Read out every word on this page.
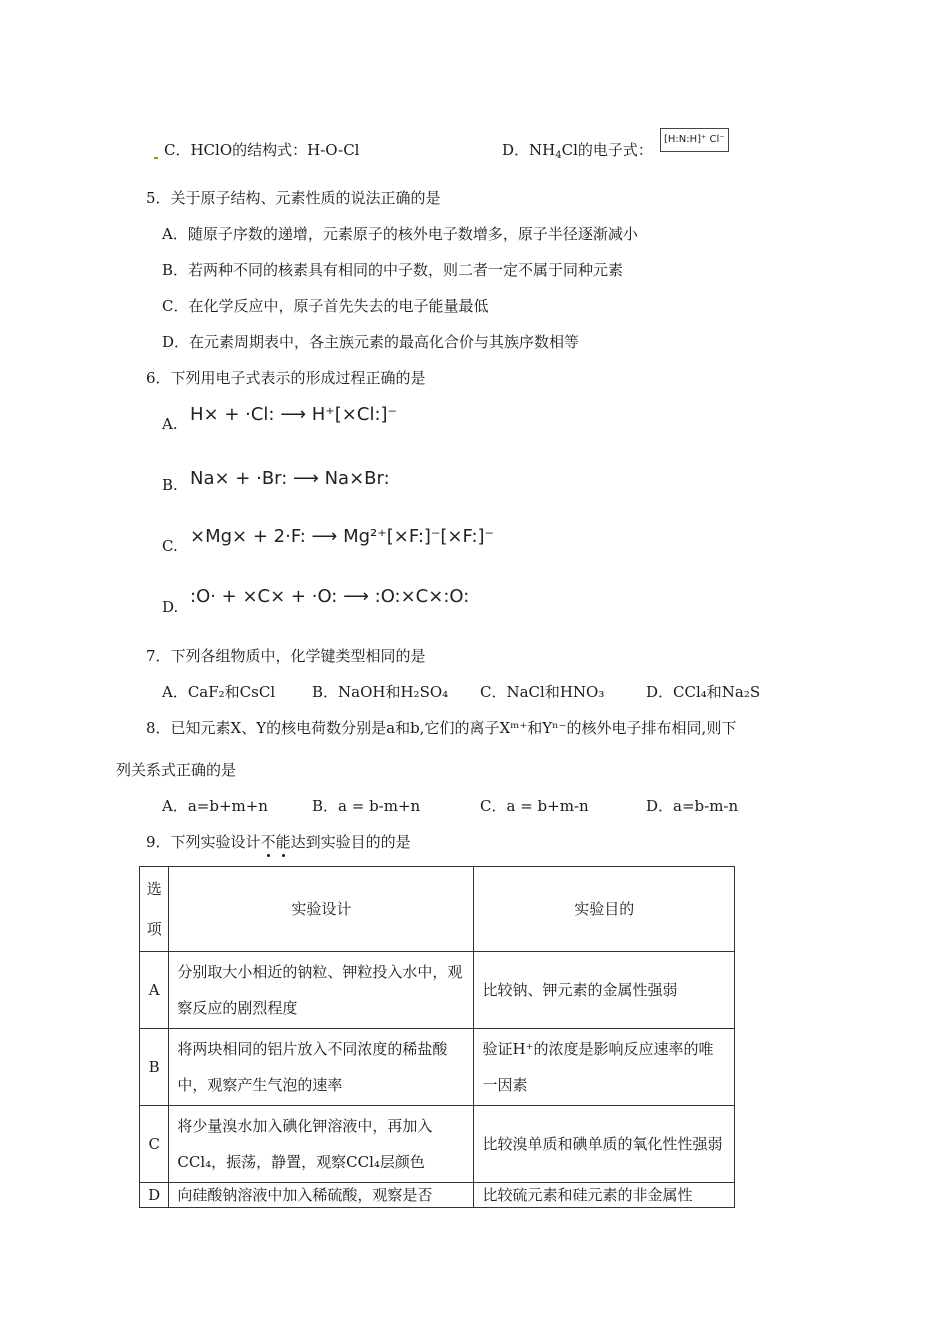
C．HClO的结构式：H-O-Cl	D．$NH_4Cl$的电子式：
[H:N:H]⁺ Cl⁻
5．关于原子结构、元素性质的说法正确的是
A．随原子序数的递增，元素原子的核外电子数增多，原子半径逐渐减小
B．若两种不同的核素具有相同的中子数，则二者一定不属于同种元素
C．在化学反应中，原子首先失去的电子能量最低
D．在元素周期表中，各主族元素的最高化合价与其族序数相等
6．下列用电子式表示的形成过程正确的是
A. H× + ·Cl: ⟶ H⁺[×Cl:]⁻
B. Na× + ·Br: ⟶ Na×Br:
C. ×Mg× + 2·F: ⟶ Mg²⁺[×F:]⁻[×F:]⁻
D. :O· + ×C× + ·O: ⟶ :O:×C×:O:
7．下列各组物质中，化学键类型相同的是
A．CaF₂和CsCl B．NaOH和H₂SO₄ C．NaCl和HNO₃	D．CCl₄和Na₂S
8．已知元素X、Y的核电荷数分别是a和b,它们的离子Xᵐ⁺和Yⁿ⁻的核外电子排布相同,则下
列关系式正确的是
A．a=b+m+n	B．a = b-m+n	C．a = b+m-n	D．a=b-m-n
9．下列实验设计不能达到实验目的的是
选项	实验设计	实验目的
A	分别取大小相近的钠粒、钾粒投入水中，观察反应的剧烈程度	比较钠、钾元素的金属性强弱
B	将两块相同的铝片放入不同浓度的稀盐酸中，观察产生气泡的速率	验证H⁺的浓度是影响反应速率的唯一因素
C	将少量溴水加入碘化钾溶液中，再加入CCl₄，振荡，静置，观察CCl₄层颜色	比较溴单质和碘单质的氧化性性强弱
D	向硅酸钠溶液中加入稀硫酸，观察是否	比较硫元素和硅元素的非金属性
